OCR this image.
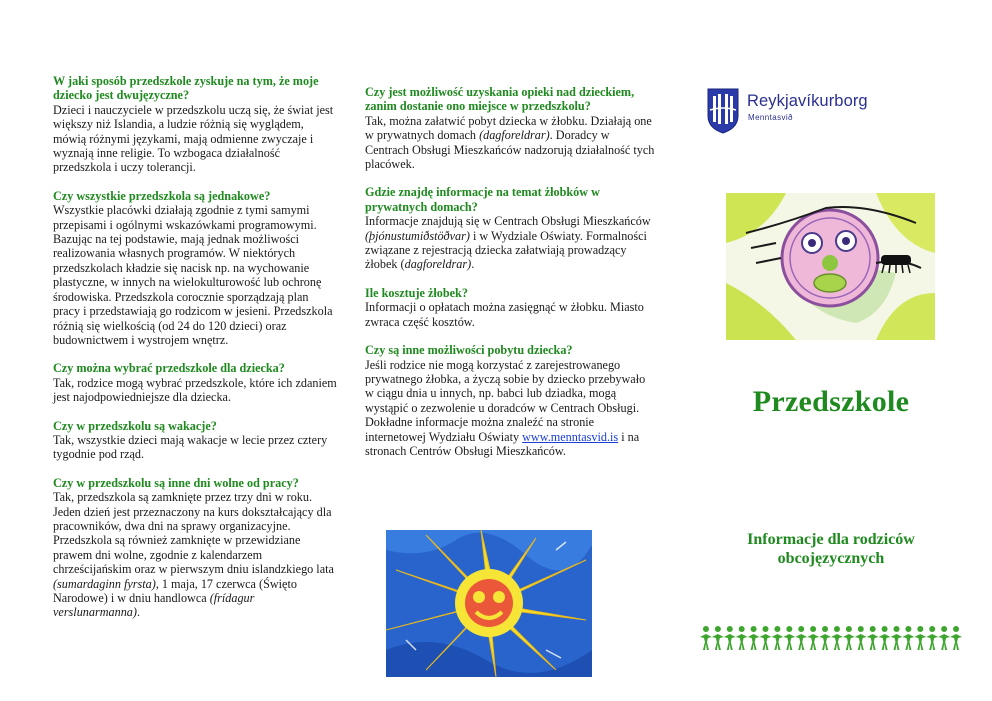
W jaki sposób przedszkole zyskuje na tym, że moje dziecko jest dwujęzyczne?
Dzieci i nauczyciele w przedszkolu uczą się, że świat jest większy niż Islandia, a ludzie różnią się wyglądem, mówią różnymi językami, mają odmienne zwyczaje i wyznają inne religie. To wzbogaca działalność przedszkola i uczy tolerancji.
Czy wszystkie przedszkola są jednakowe?
Wszystkie placówki działają zgodnie z tymi samymi przepisami i ogólnymi wskazówkami programowymi. Bazując na tej podstawie, mają jednak możliwości realizowania własnych programów. W niektórych przedszkolach kładzie się nacisk np. na wychowanie plastyczne, w innych na wielokulturowość lub ochronę środowiska. Przedszkola corocznie sporządzają plan pracy i przedstawiają go rodzicom w jesieni. Przedszkola różnią się wielkością (od 24 do 120 dzieci) oraz budownictwem i wystrojem wnętrz.
Czy można wybrać przedszkole dla dziecka?
Tak, rodzice mogą wybrać przedszkole, które ich zdaniem jest najodpowiedniejsze dla dziecka.
Czy w przedszkolu są wakacje?
Tak, wszystkie dzieci mają wakacje w lecie przez cztery tygodnie pod rząd.
Czy w przedszkolu są inne dni wolne od pracy?
Tak, przedszkola są zamknięte przez trzy dni w roku. Jeden dzień jest przeznaczony na kurs dokształcający dla pracowników, dwa dni na sprawy organizacyjne. Przedszkola są również zamknięte w przewidziane prawem dni wolne, zgodnie z kalendarzem chrześcijańskim oraz w pierwszym dniu islandzkiego lata (sumardaginn fyrsta), 1 maja, 17 czerwca (Święto Narodowe) i w dniu handlowca (frídagur verslunarmanna).
Czy jest możliwość uzyskania opieki nad dzieckiem, zanim dostanie ono miejsce w przedszkolu?
Tak, można załatwić pobyt dziecka w żłobku. Działają one w prywatnych domach (dagforeldrar). Doradcy w Centrach Obsługi Mieszkańców nadzorują działalność tych placówek.
Gdzie znajdę informacje na temat żłobków w prywatnych domach?
Informacje znajdują się w Centrach Obsługi Mieszkańców (þjónustumiðstöðvar) i w Wydziale Oświaty. Formalności związane z rejestracją dziecka załatwiają prowadzący żłobek (dagforeldrar).
Ile kosztuje żłobek?
Informacji o opłatach można zasięgnąć w żłobku. Miasto zwraca część kosztów.
Czy są inne możliwości pobytu dziecka?
Jeśli rodzice nie mogą korzystać z zarejestrowanego prywatnego żłobka, a życzą sobie by dziecko przebywało w ciągu dnia u innych, np. babci lub dziadka, mogą wystąpić o zezwolenie u doradców w Centrach Obsługi. Dokładne informacje można znaleźć na stronie internetowej Wydziału Oświaty www.menntasvid.is i na stronach Centrów Obsługi Mieszkańców.
Reykjavíkurborg
Menntasvið
Przedszkole
Informacje dla rodziców
obcojęzycznych
